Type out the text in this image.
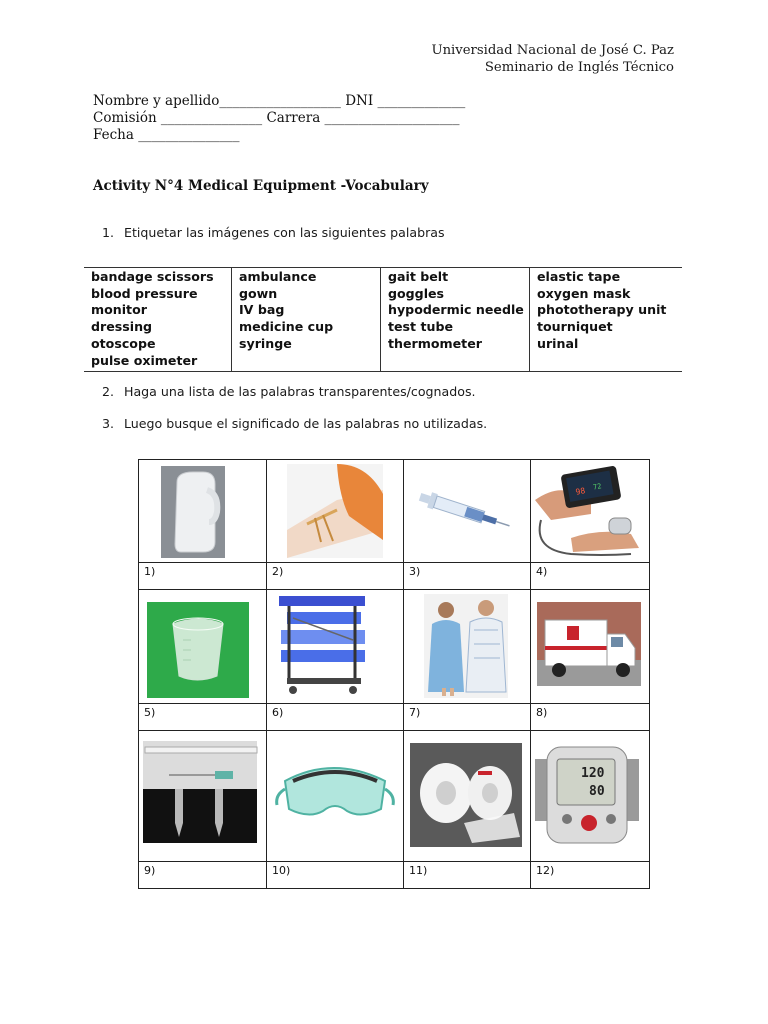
Universidad Nacional de José C. Paz
Seminario de Inglés Técnico
Nombre y apellido__________________ DNI _____________
Comisión _______________ Carrera ____________________
Fecha _______________
Activity N°4 Medical Equipment -Vocabulary
1. Etiquetar las imágenes con las siguientes palabras
bandage scissors
blood pressure
monitor
dressing
otoscope
pulse oximeter

ambulance
gown
IV bag
medicine cup
syringe

gait belt
goggles
hypodermic needle
test tube
thermometer

elastic tape
oxygen mask
phototherapy unit
tourniquet
urinal
2. Haga una lista de las palabras transparentes/cognados.
3. Luego busque el significado de las palabras no utilizadas.

98 72

1)	2)	3)	4)

5)	6)	7)	8)

120
80

9)	10)	11)	12)
